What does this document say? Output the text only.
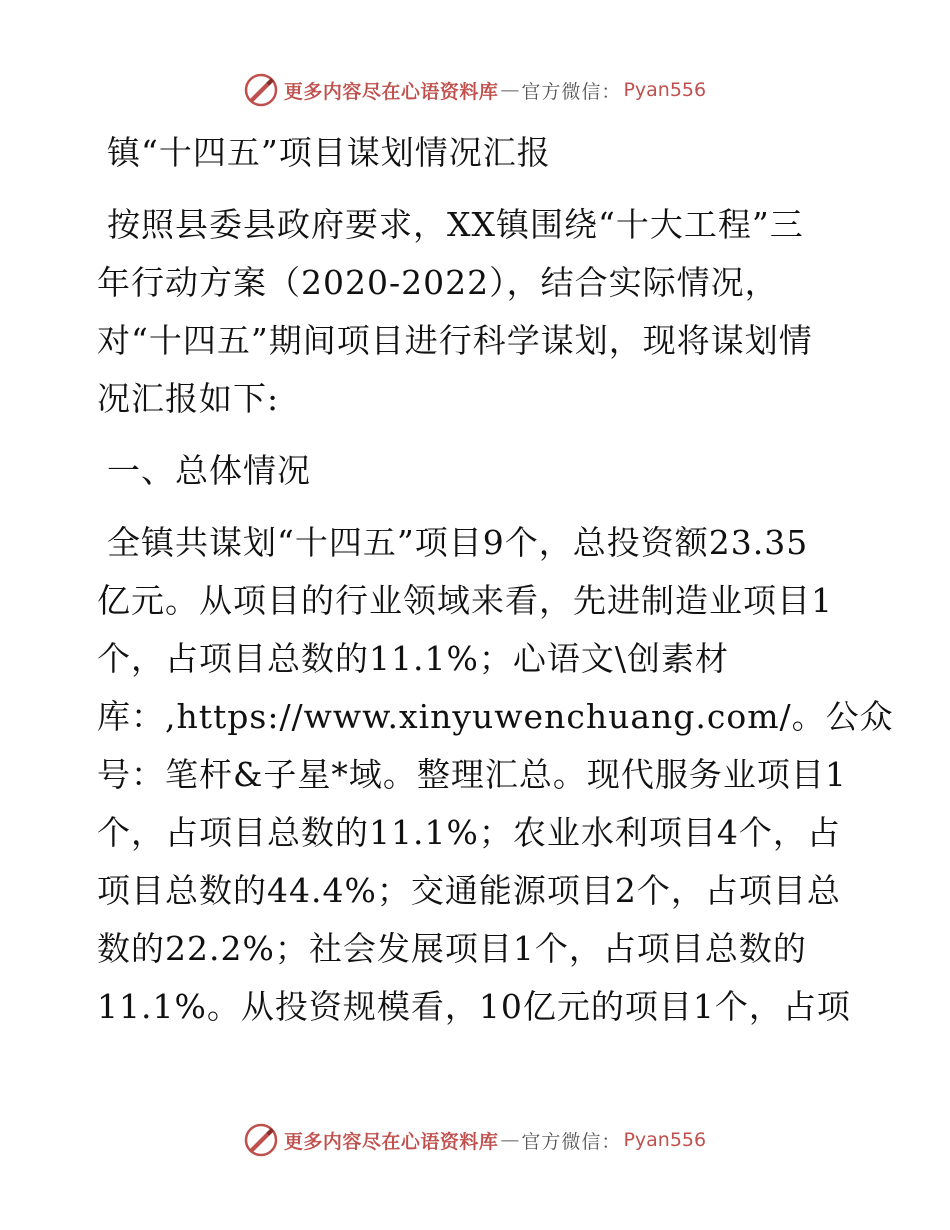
更多内容尽在心语资料库 — 官方微信： Pyan556
镇“十四五”项目谋划情况汇报
按照县委县政府要求，XX镇围绕“十大工程”三
年行动方案（2020-2022），结合实际情况，
对“十四五”期间项目进行科学谋划，现将谋划情
况汇报如下:
一、总体情况
全镇共谋划“十四五”项目9个，总投资额23.35
亿元。从项目的行业领域来看，先进制造业项目1
个，占项目总数的11.1%；心语文\创素材
库：,https://www.xinyuwenchuang.com/。公众
号：笔杆&子星*域。整理汇总。现代服务业项目1
个，占项目总数的11.1%；农业水利项目4个，占
项目总数的44.4%；交通能源项目2个，占项目总
数的22.2%；社会发展项目1个，占项目总数的
11.1%。从投资规模看，10亿元的项目1个，占项
更多内容尽在心语资料库 — 官方微信： Pyan556
